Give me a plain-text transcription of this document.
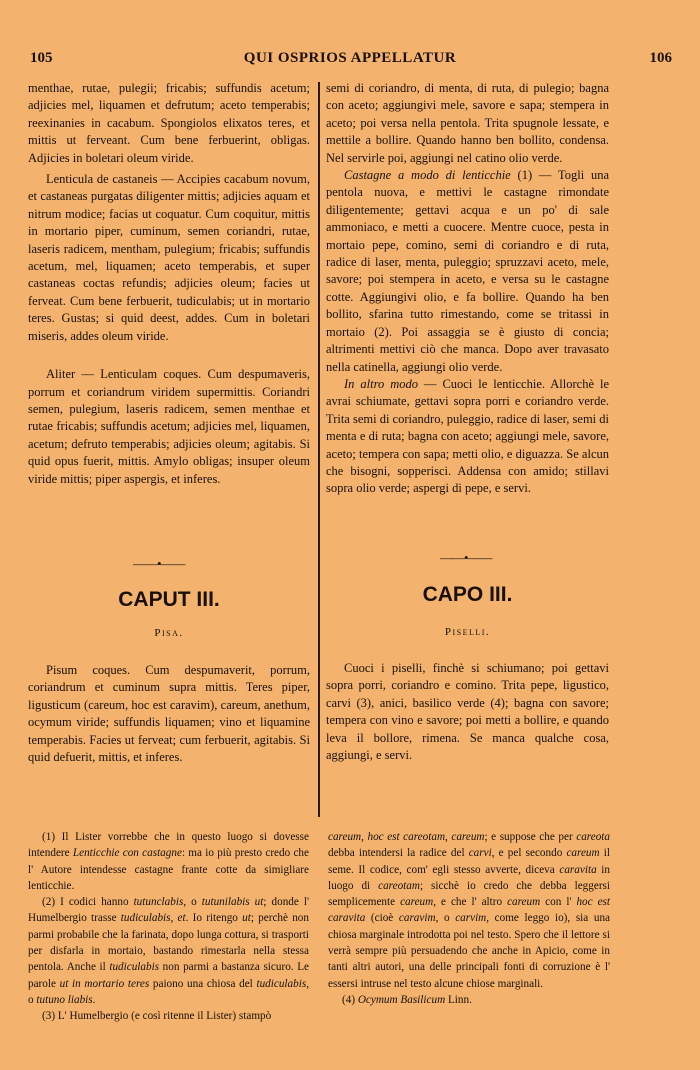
105	QUI OSPRIOS APPELLATUR	106

menthae, rutae, pulegii; fricabis; suffundis acetum; adjicies mel, liquamen et defrutum; aceto temperabis; reexinanies in cacabum. Spongiolos elixatos teres, et mittis ut ferveant. Cum bene ferbuerint, obligas. Adjicies in boletari oleum viride.

Lenticula de castaneis — Accipies cacabum novum, et castaneas purgatas diligenter mittis; adjicies aquam et nitrum modice; facias ut coquatur. Cum coquitur, mittis in mortario piper, cuminum, semen coriandri, rutae, laseris radicem, mentham, pulegium; fricabis; suffundis acetum, mel, liquamen; aceto temperabis, et super castaneas coctas refundis; adjicies oleum; facies ut ferveat. Cum bene ferbuerit, tudiculabis; ut in mortario teres. Gustas; si quid deest, addes. Cum in boletari miseris, addes oleum viride.

Aliter — Lenticulam coques. Cum despumaveris, porrum et coriandrum viridem supermittis. Coriandri semen, pulegium, laseris radicem, semen menthae et rutae fricabis; suffundis acetum; adjicies mel, liquamen, acetum; defruto temperabis; adjicies oleum; agitabis. Si quid opus fuerit, mittis. Amylo obligas; insuper oleum viride mittis; piper aspergis, et inferes.

——•——
CAPUT III.
Pisa.

Pisum coques. Cum despumaverit, porrum, coriandrum et cuminum supra mittis. Teres piper, ligusticum (careum, hoc est caravim), careum, anethum, ocymum viride; suffundis liquamen; vino et liquamine temperabis. Facies ut ferveat; cum ferbuerit, agitabis. Si quid defuerit, mittis, et inferes.

semi di coriandro, di menta, di ruta, di pulegio; bagna con aceto; aggiungivi mele, savore e sapa; stempera in aceto; poi versa nella pentola. Trita spugnole lessate, e mettile a bollire. Quando hanno ben bollito, condensa. Nel servirle poi, aggiungi nel catino olio verde.

Castagne a modo di lenticchie (1) — Togli una pentola nuova, e mettivi le castagne rimondate diligentemente; gettavi acqua e un po' di sale ammoniaco, e metti a cuocere. Mentre cuoce, pesta in mortaio pepe, comino, semi di coriandro e di ruta, radice di laser, menta, puleggio; spruzzavi aceto, mele, savore; poi stempera in aceto, e versa su le castagne cotte. Aggiungivi olio, e fa bollire. Quando ha ben bollito, sfarina tutto rimestando, come se tritassi in mortaio (2). Poi assaggia se è giusto di concia; altrimenti mettivi ciò che manca. Dopo aver travasato nella catinella, aggiungi olio verde.

In altro modo — Cuoci le lenticchie. Allorchè le avrai schiumate, gettavi sopra porri e coriandro verde. Trita semi di coriandro, puleggio, radice di laser, semi di menta e di ruta; bagna con aceto; aggiungi mele, savore, aceto; tempera con sapa; metti olio, e diguazza. Se alcun che bisogni, sopperisci. Addensa con amido; stillavi sopra olio verde; aspergi di pepe, e servi.

——•——
CAPO III.
Piselli.

Cuoci i piselli, finchè si schiumano; poi gettavi sopra porri, coriandro e comino. Trita pepe, ligustico, carvi (3), anici, basilico verde (4); bagna con savore; tempera con vino e savore; poi metti a bollire, e quando leva il bollore, rimena. Se manca qualche cosa, aggiungi, e servi.

(1) Il Lister vorrebbe che in questo luogo si dovesse intendere Lenticchie con castagne: ma io più presto credo che l' Autore intendesse castagne frante cotte da simigliare lenticchie.

(2) I codici hanno tutunclabis, o tutunilabis ut; donde l' Humelbergio trasse tudiculabis, et. Io ritengo ut; perchè non parmi probabile che la farinata, dopo lunga cottura, si trasporti per disfarla in mortaio, bastando rimestarla nella stessa pentola. Anche il tudiculabis non parmi a bastanza sicuro. Le parole ut in mortario teres paiono una chiosa del tudiculabis, o tutuno liabis.

(3) L' Humelbergio (e così ritenne il Lister) stampò

careum, hoc est careotam, careum; e suppose che per careota debba intendersi la radice del carvi, e pel secondo careum il seme. Il codice, com' egli stesso avverte, diceva caravita in luogo di careotam; sicchè io credo che debba leggersi semplicemente careum, e che l' altro careum con l' hoc est caravita (cioè caravim, o carvim, come leggo io), sia una chiosa marginale introdotta poi nel testo. Spero che il lettore si verrà sempre più persuadendo che anche in Apicio, come in tanti altri autori, una delle principali fonti di corruzione è l' essersi intruse nel testo alcune chiose marginali.

(4) Ocymum Basilicum Linn.
